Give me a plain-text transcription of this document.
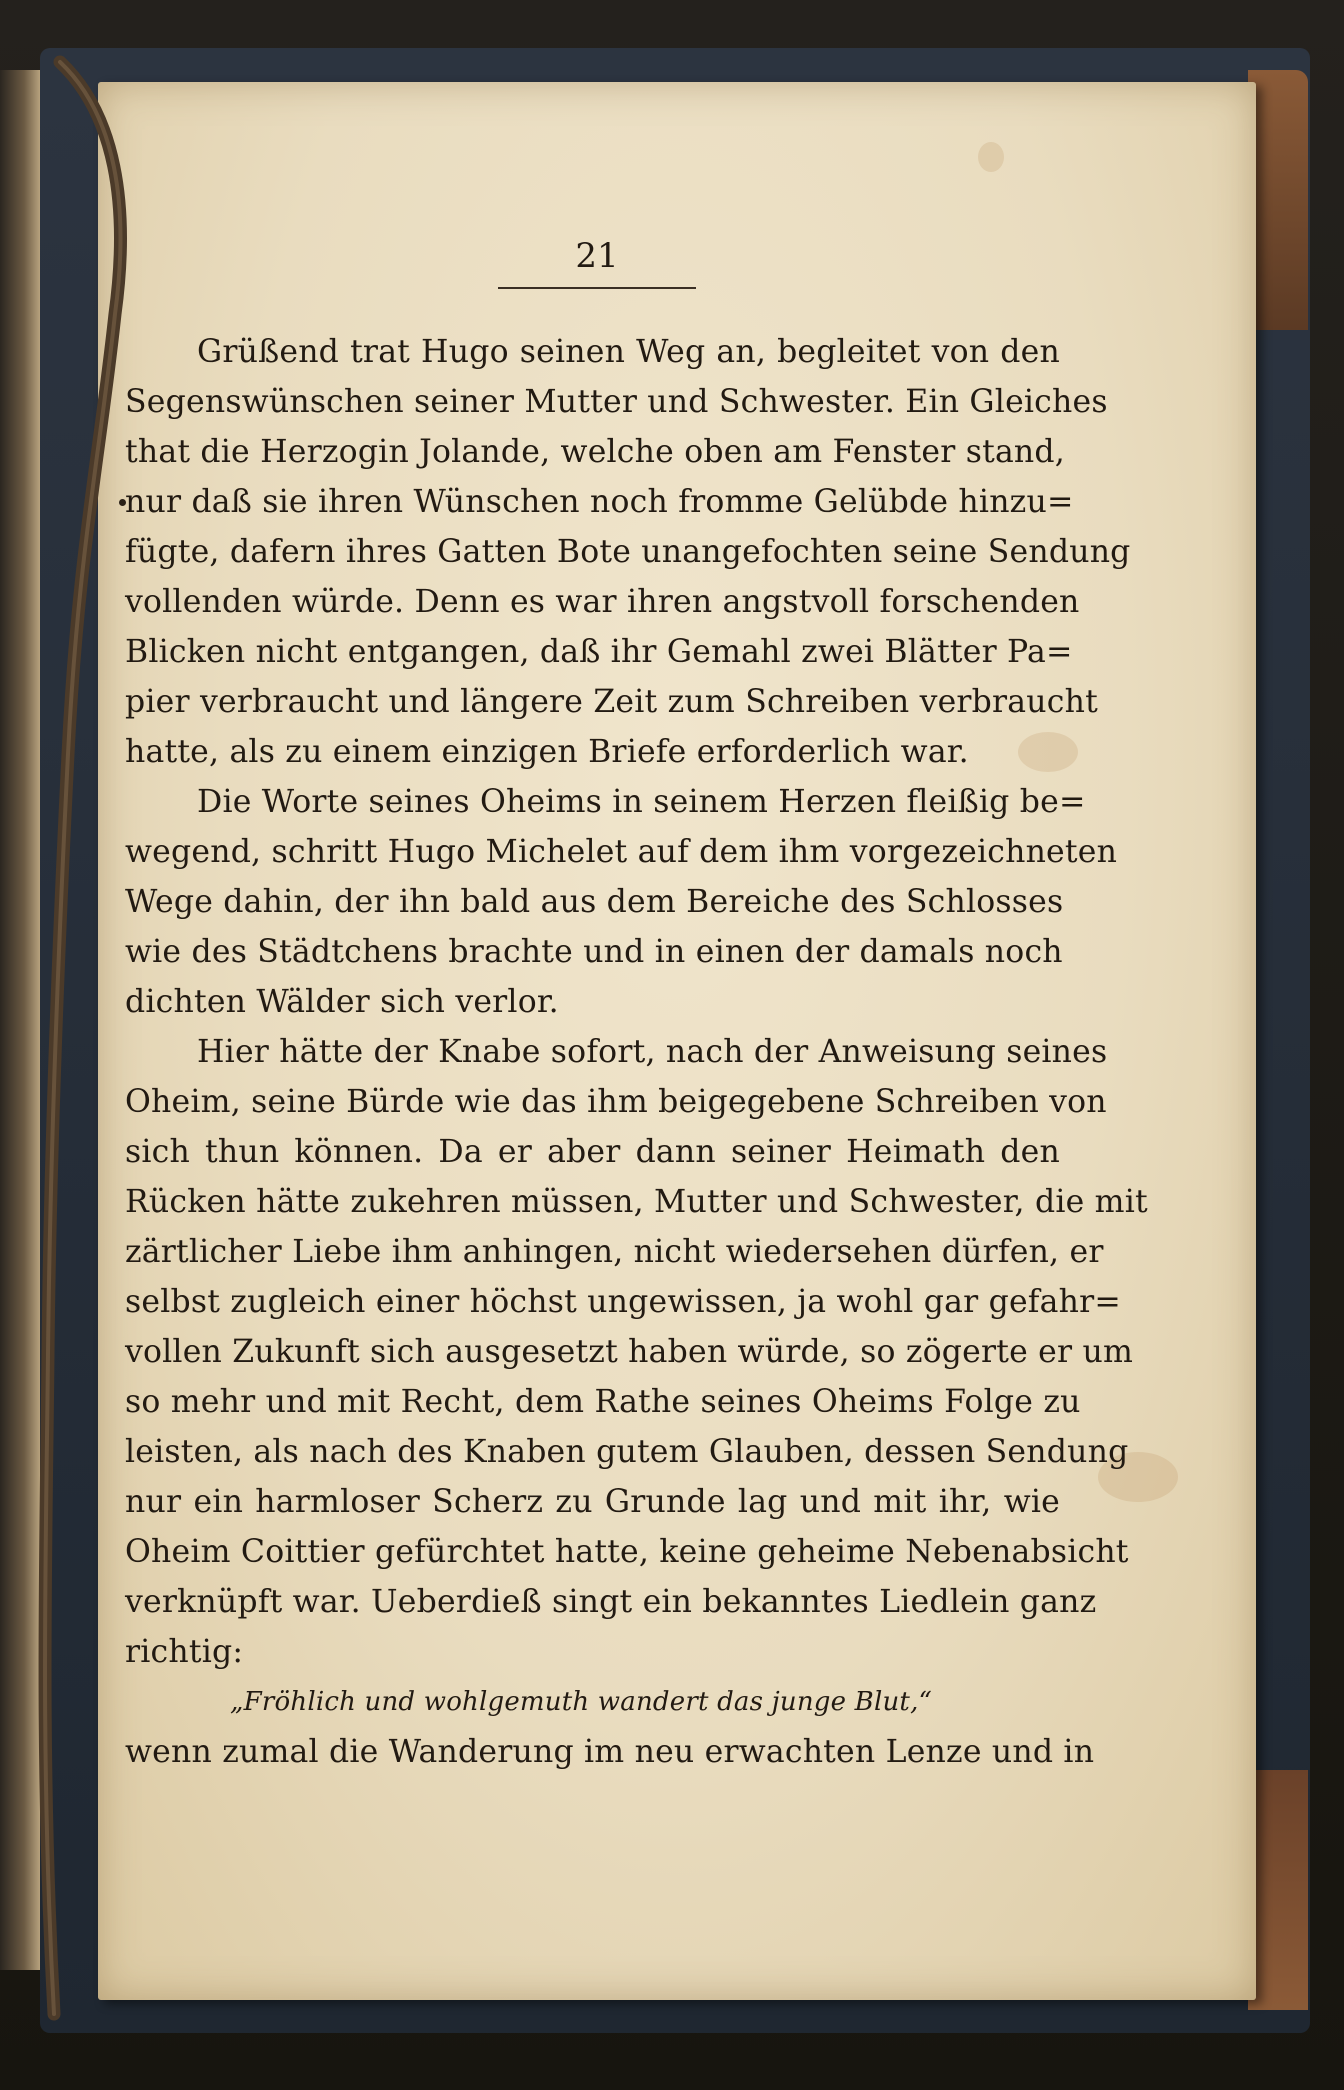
21
Grüßend trat Hugo seinen Weg an, begleitet von den
Segenswünschen seiner Mutter und Schwester. Ein Gleiches
that die Herzogin Jolande, welche oben am Fenster stand,
nur daß sie ihren Wünschen noch fromme Gelübde hinzu=
fügte, dafern ihres Gatten Bote unangefochten seine Sendung
vollenden würde. Denn es war ihren angstvoll forschenden
Blicken nicht entgangen, daß ihr Gemahl zwei Blätter Pa=
pier verbraucht und längere Zeit zum Schreiben verbraucht
hatte, als zu einem einzigen Briefe erforderlich war.
Die Worte seines Oheims in seinem Herzen fleißig be=
wegend, schritt Hugo Michelet auf dem ihm vorgezeichneten
Wege dahin, der ihn bald aus dem Bereiche des Schlosses
wie des Städtchens brachte und in einen der damals noch
dichten Wälder sich verlor.
Hier hätte der Knabe sofort, nach der Anweisung seines
Oheim, seine Bürde wie das ihm beigegebene Schreiben von
sich thun können. Da er aber dann seiner Heimath den
Rücken hätte zukehren müssen, Mutter und Schwester, die mit
zärtlicher Liebe ihm anhingen, nicht wiedersehen dürfen, er
selbst zugleich einer höchst ungewissen, ja wohl gar gefahr=
vollen Zukunft sich ausgesetzt haben würde, so zögerte er um
so mehr und mit Recht, dem Rathe seines Oheims Folge zu
leisten, als nach des Knaben gutem Glauben, dessen Sendung
nur ein harmloser Scherz zu Grunde lag und mit ihr, wie
Oheim Coittier gefürchtet hatte, keine geheime Nebenabsicht
verknüpft war. Ueberdieß singt ein bekanntes Liedlein ganz
richtig:
„Fröhlich und wohlgemuth wandert das junge Blut,“
wenn zumal die Wanderung im neu erwachten Lenze und in
